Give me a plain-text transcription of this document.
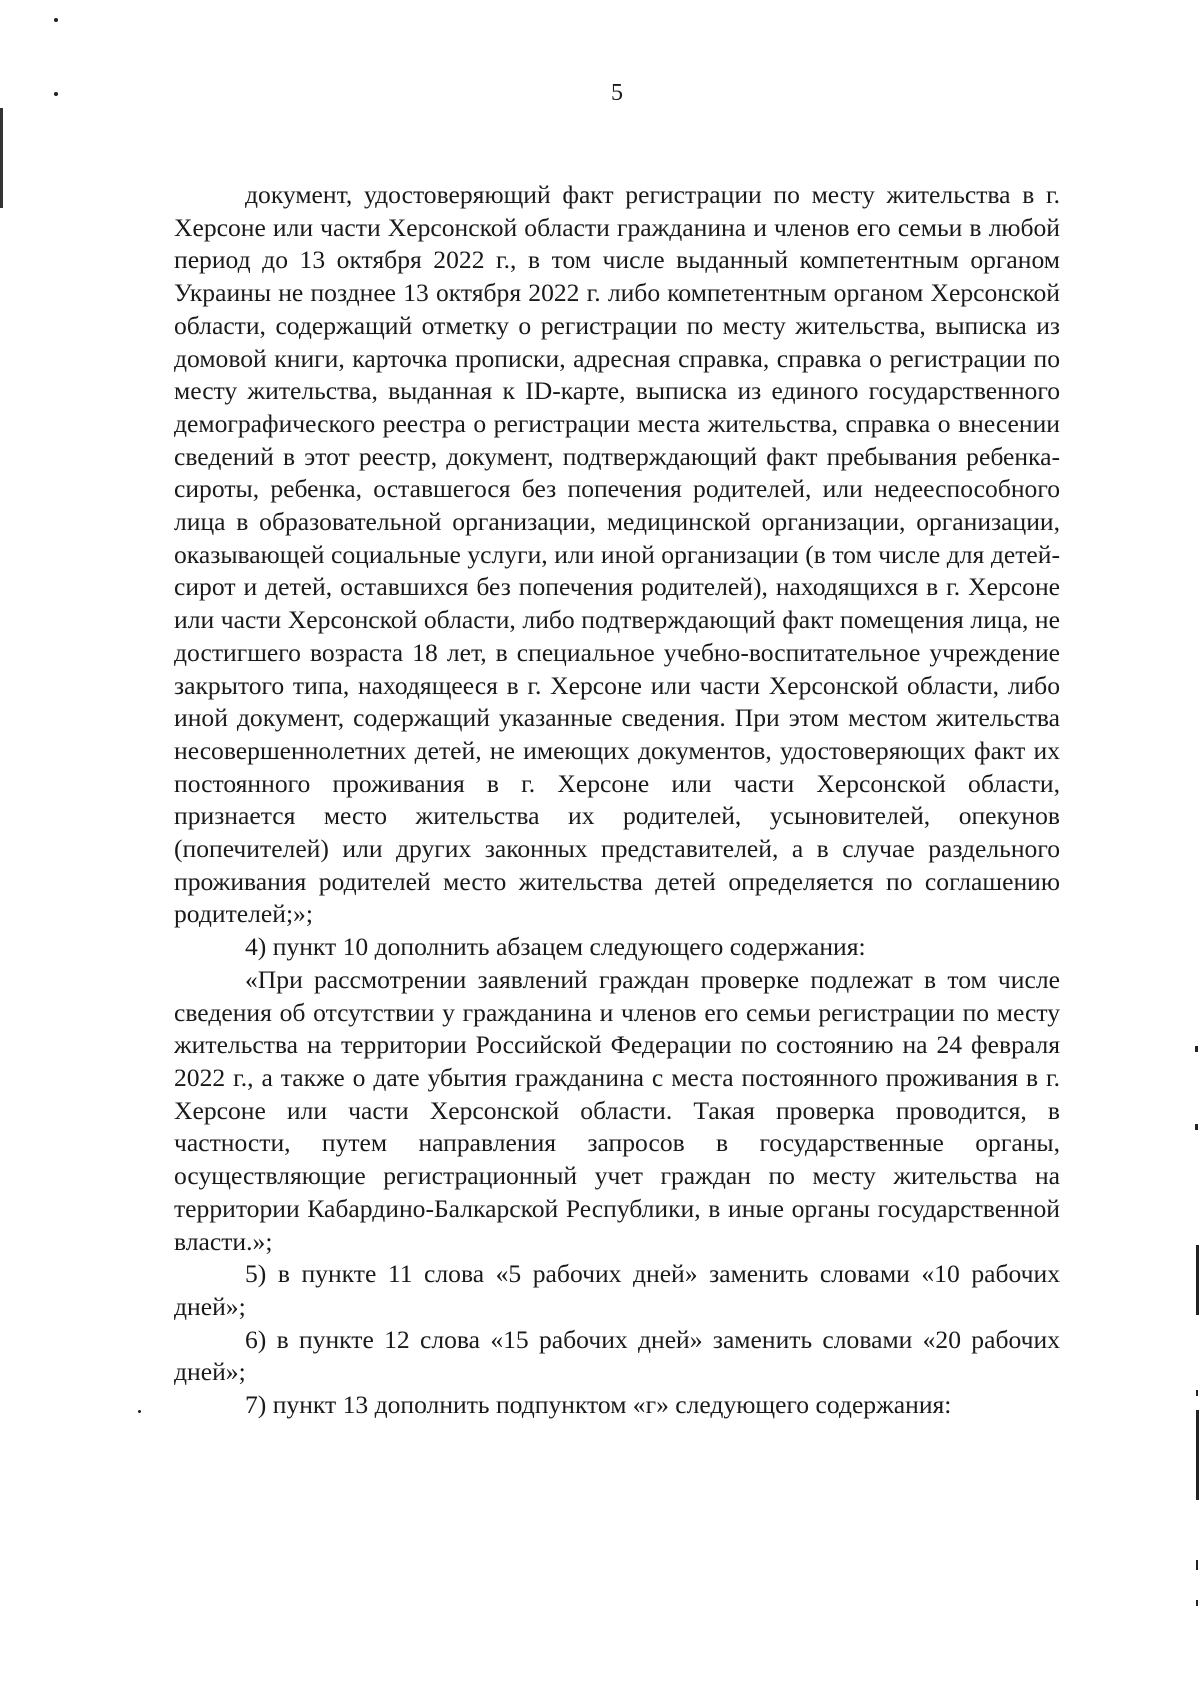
5

документ, удостоверяющий факт регистрации по месту жительства в г. Херсоне или части Херсонской области гражданина и членов его семьи в любой период до 13 октября 2022 г., в том числе выданный компетентным органом Украины не позднее 13 октября 2022 г. либо компетентным органом Херсонской области, содержащий отметку о регистрации по месту жительства, выписка из домовой книги, карточка прописки, адресная справка, справка о регистрации по месту жительства, выданная к ID-карте, выписка из единого государственного демографического реестра о регистрации места жительства, справка о внесении сведений в этот реестр, документ, подтверждающий факт пребывания ребенка-сироты, ребенка, оставшегося без попечения родителей, или недееспособного лица в образовательной организации, медицинской организации, организации, оказывающей социальные услуги, или иной организации (в том числе для детей-сирот и детей, оставшихся без попечения родителей), находящихся в г. Херсоне или части Херсонской области, либо подтверждающий факт помещения лица, не достигшего возраста 18 лет, в специальное учебно-воспитательное учреждение закрытого типа, находящееся в г. Херсоне или части Херсонской области, либо иной документ, содержащий указанные сведения. При этом местом жительства несовершеннолетних детей, не имеющих документов, удостоверяющих факт их постоянного проживания в г. Херсоне или части Херсонской области, признается место жительства их родителей, усыновителей, опекунов (попечителей) или других законных представителей, а в случае раздельного проживания родителей место жительства детей определяется по соглашению родителей;»;

4) пункт 10 дополнить абзацем следующего содержания:

«При рассмотрении заявлений граждан проверке подлежат в том числе сведения об отсутствии у гражданина и членов его семьи регистрации по месту жительства на территории Российской Федерации по состоянию на 24 февраля 2022 г., а также о дате убытия гражданина с места постоянного проживания в г. Херсоне или части Херсонской области. Такая проверка проводится, в частности, путем направления запросов в государственные органы, осуществляющие регистрационный учет граждан по месту жительства на территории Кабардино-Балкарской Республики, в иные органы государственной власти.»;

5) в пункте 11 слова «5 рабочих дней» заменить словами «10 рабочих дней»;

6) в пункте 12 слова «15 рабочих дней» заменить словами «20 рабочих дней»;

7) пункт 13 дополнить подпунктом «г» следующего содержания:
